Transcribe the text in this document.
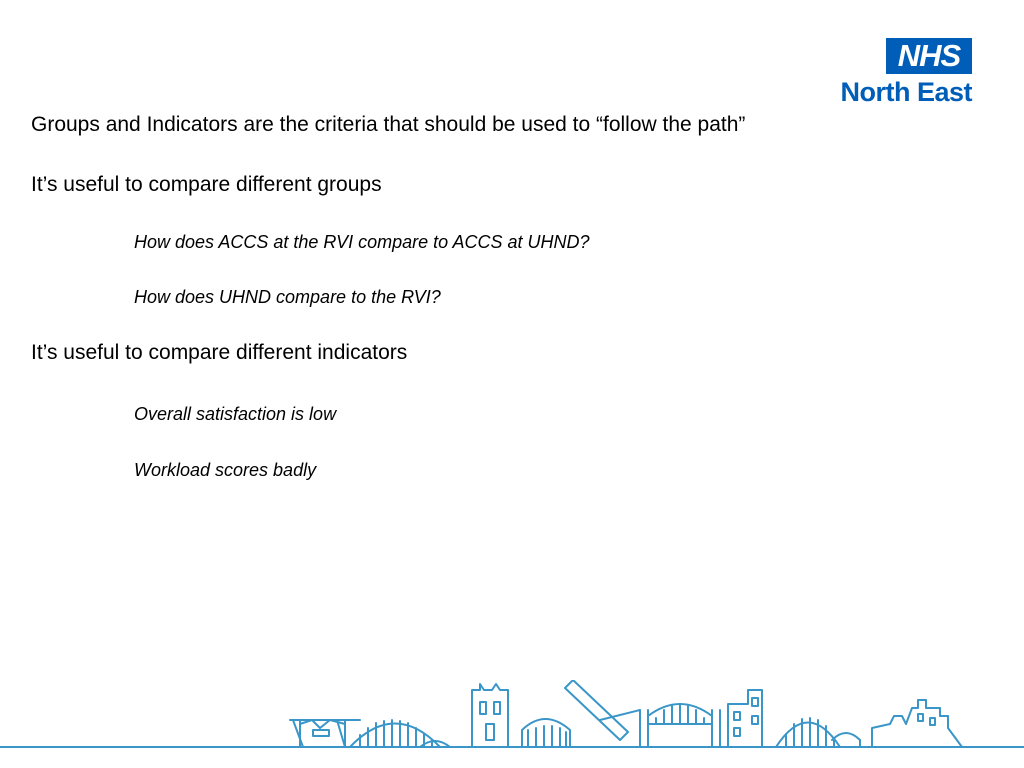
NHS
North East
Groups and Indicators are the criteria that should be used to “follow the path”
It’s useful to compare different groups
How does ACCS at the RVI compare to ACCS at UHND?
How does UHND compare to the RVI?
It’s useful to compare different indicators
Overall satisfaction is low
Workload scores badly
